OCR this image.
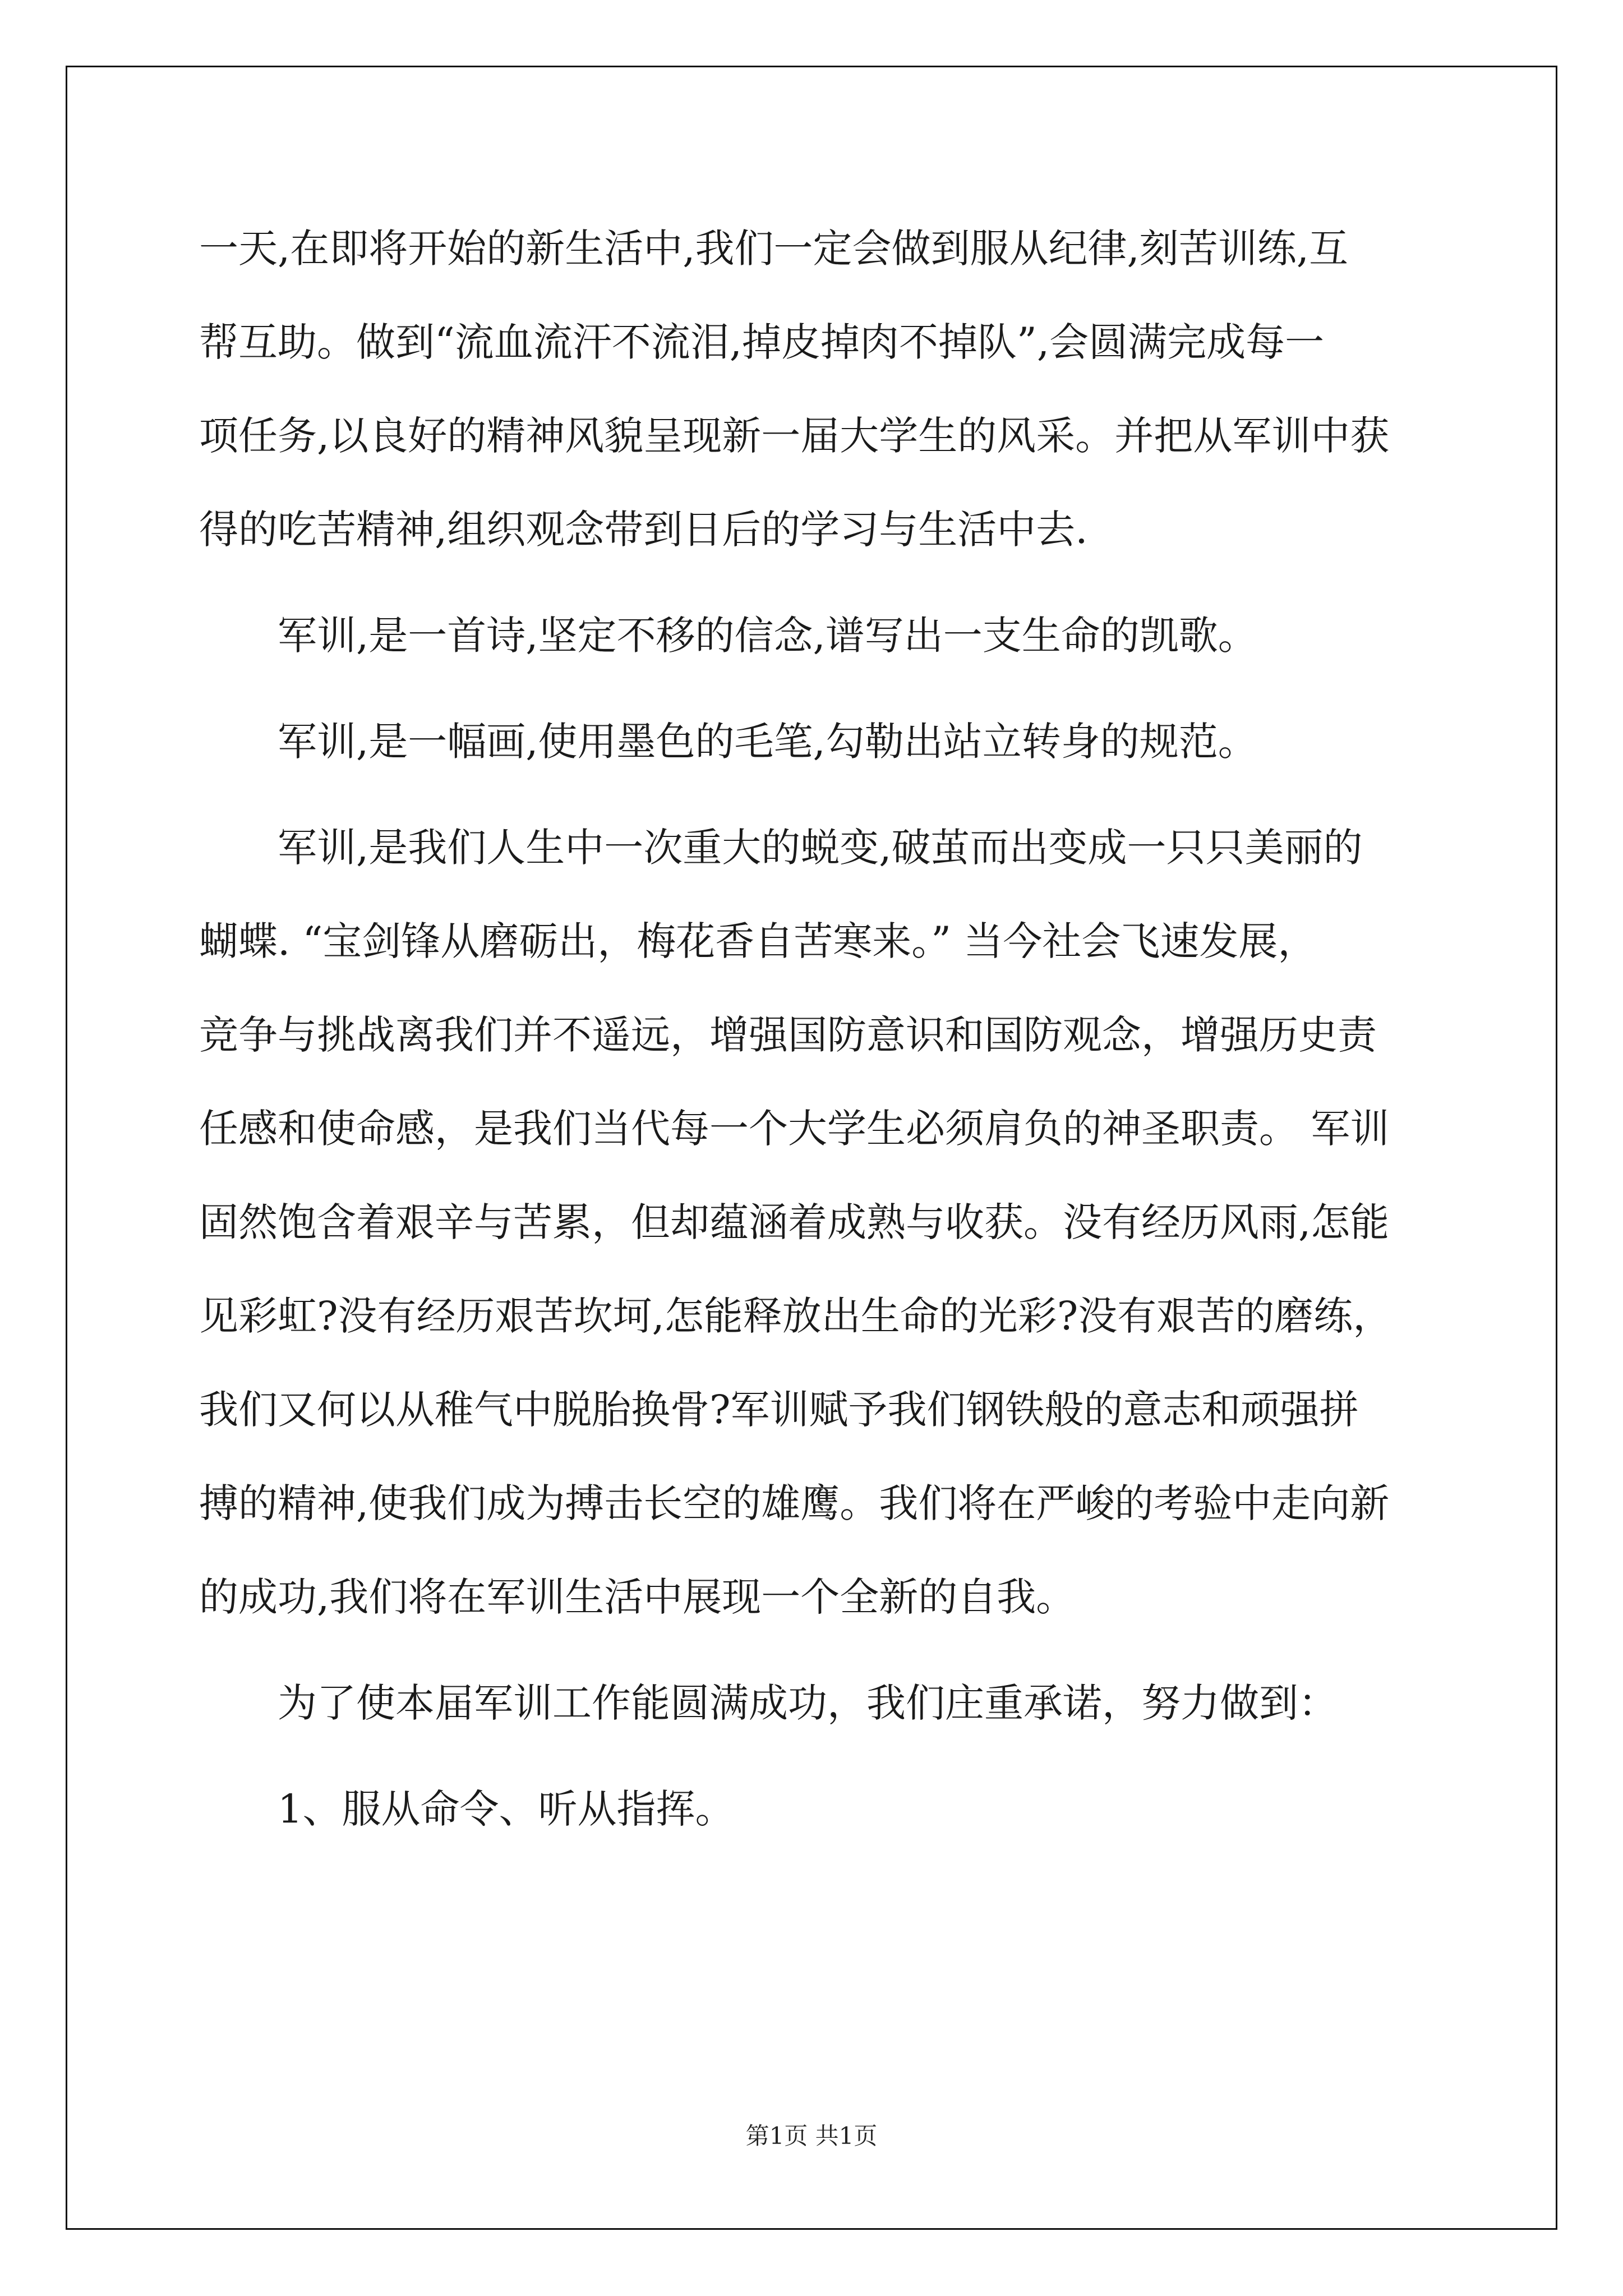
一天,在即将开始的新生活中,我们一定会做到服从纪律,刻苦训练,互
帮互助。做到“流血流汗不流泪,掉皮掉肉不掉队”,会圆满完成每一
项任务,以良好的精神风貌呈现新一届大学生的风采。并把从军训中获
得的吃苦精神,组织观念带到日后的学习与生活中去.
军训,是一首诗,坚定不移的信念,谱写出一支生命的凯歌。
军训,是一幅画,使用墨色的毛笔,勾勒出站立转身的规范。
军训,是我们人生中一次重大的蜕变,破茧而出变成一只只美丽的
蝴蝶. “宝剑锋从磨砺出，梅花香自苦寒来。” 当今社会飞速发展，
竞争与挑战离我们并不遥远，增强国防意识和国防观念，增强历史责
任感和使命感，是我们当代每一个大学生必须肩负的神圣职责。 军训
固然饱含着艰辛与苦累，但却蕴涵着成熟与收获。没有经历风雨,怎能
见彩虹?没有经历艰苦坎坷,怎能释放出生命的光彩?没有艰苦的磨练，
我们又何以从稚气中脱胎换骨?军训赋予我们钢铁般的意志和顽强拼
搏的精神,使我们成为搏击长空的雄鹰。我们将在严峻的考验中走向新
的成功,我们将在军训生活中展现一个全新的自我。
为了使本届军训工作能圆满成功，我们庄重承诺，努力做到：
1、服从命令、听从指挥。
第1页 共1页
